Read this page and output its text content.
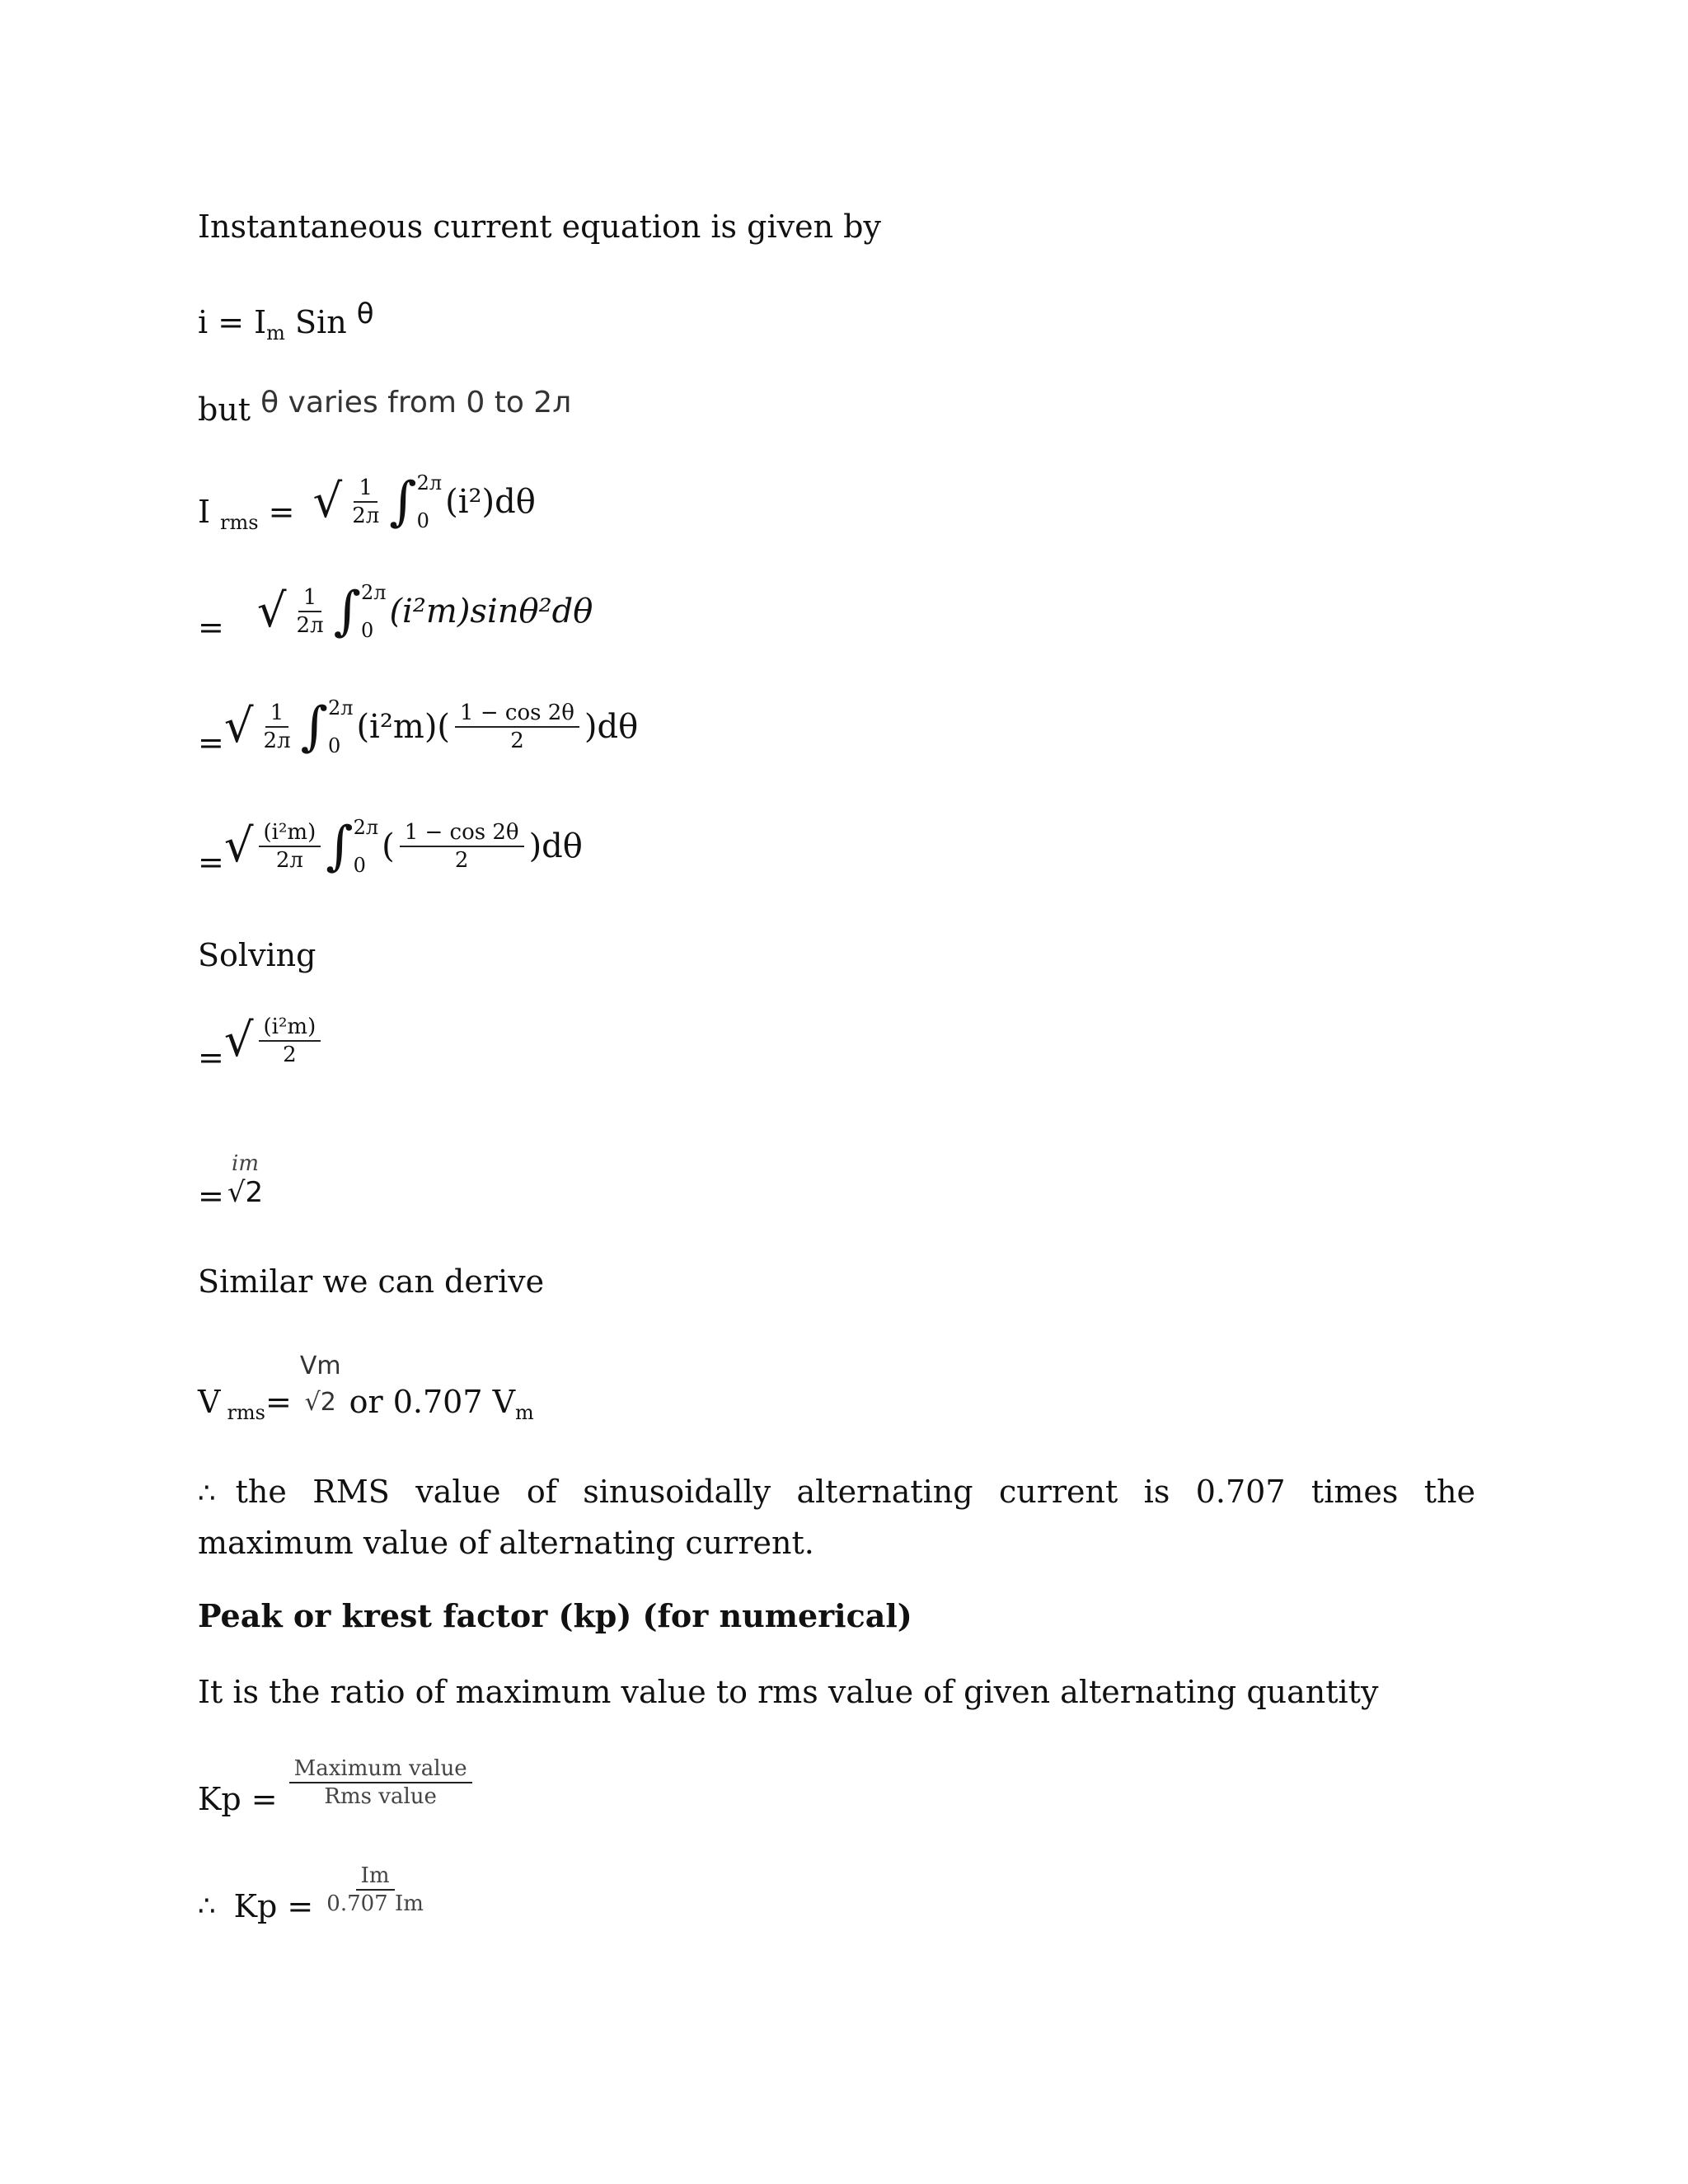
Instantaneous current equation is given by
$i = I_m$ Sin θ
but θ varies from 0 to 2л
I $_{rms}$ = √ 1
2л ∫ 2л
0 (i²)dθ
= √ 1
2л ∫ 2л
0 (i²m)sinθ²dθ
= √ 1
2л ∫ 2л
0 $(i^2m)( \frac{1 - \cos 2\theta}{2} )d\theta$
= √ (i²m)
2л ∫ 2л
0 ( $\frac{1 - \cos 2\theta}{2} )d\theta$
Solving
= √ $\frac{\text{(i²m)}}{2}$
=
im
√2
Similar we can derive
V $_{rms}$=
Vm
√2 or 0.707 $V_m$
∴ the RMS value of sinusoidally alternating current is 0.707 times the maximum value of alternating current.
Peak or krest factor (kp) (for numerical)
It is the ratio of maximum value to rms value of given alternating quantity
Kp =
Maximum value
Rms value
∴ $Kp = \frac{Im}{0.707 Im}$
